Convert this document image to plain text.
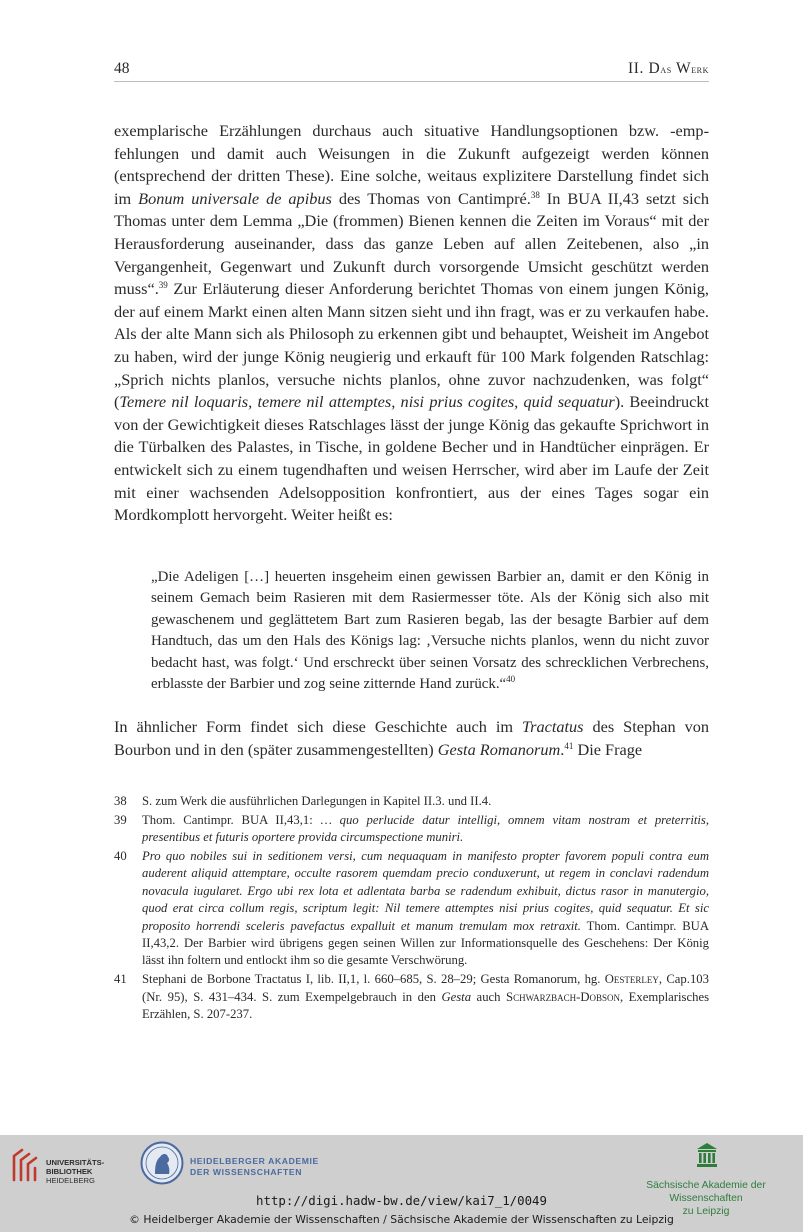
48	II. Das Werk

exemplarische Erzählungen durchaus auch situative Handlungsoptionen bzw. -emp-fehlungen und damit auch Weisungen in die Zukunft aufgezeigt werden können (entsprechend der dritten These). Eine solche, weitaus explizitere Darstellung findet sich im Bonum universale de apibus des Thomas von Cantimpré.$^{38}$ In BUA II,43 setzt sich Thomas unter dem Lemma „Die (frommen) Bienen kennen die Zeiten im Voraus“ mit der Herausforderung auseinander, dass das ganze Leben auf allen Zeitebenen, also „in Vergangenheit, Gegenwart und Zukunft durch vorsorgende Umsicht geschützt werden muss“.$^{39}$ Zur Erläuterung dieser Anforderung berichtet Thomas von einem jungen König, der auf einem Markt einen alten Mann sitzen sieht und ihn fragt, was er zu verkaufen habe. Als der alte Mann sich als Philosoph zu erkennen gibt und behauptet, Weisheit im Angebot zu haben, wird der junge König neugierig und erkauft für 100 Mark folgenden Ratschlag: „Sprich nichts planlos, versuche nichts planlos, ohne zuvor nachzudenken, was folgt“ (Temere nil loquaris, temere nil attemptes, nisi prius cogites, quid sequatur). Beeindruckt von der Gewichtigkeit dieses Ratschlages lässt der junge König das gekaufte Sprichwort in die Türbalken des Palastes, in Tische, in goldene Becher und in Handtücher einprägen. Er entwickelt sich zu einem tugendhaften und weisen Herrscher, wird aber im Laufe der Zeit mit einer wachsenden Adelsopposition konfrontiert, aus der eines Tages sogar ein Mordkomplott hervorgeht. Weiter heißt es:

„Die Adeligen […] heuerten insgeheim einen gewissen Barbier an, damit er den König in seinem Gemach beim Rasieren mit dem Rasiermesser töte. Als der König sich also mit gewaschenem und geglättetem Bart zum Rasieren begab, las der besagte Barbier auf dem Handtuch, das um den Hals des Königs lag: ‚Versuche nichts planlos, wenn du nicht zuvor bedacht hast, was folgt.‘ Und erschreckt über seinen Vorsatz des schrecklichen Verbrechens, erblasste der Barbier und zog seine zitternde Hand zurück.“$^{40}$

In ähnlicher Form findet sich diese Geschichte auch im Tractatus des Stephan von Bourbon und in den (später zusammengestellten) Gesta Romanorum.$^{41}$ Die Frage

38 S. zum Werk die ausführlichen Darlegungen in Kapitel II.3. und II.4.

39 Thom. Cantimpr. BUA II,43,1: … quo perlucide datur intelligi, omnem vitam nostram et preterritis, presentibus et futuris oportere provida circumspectione muniri.

40 Pro quo nobiles sui in seditionem versi, cum nequaquam in manifesto propter favorem populi contra eum auderent aliquid attemptare, occulte rasorem quemdam precio conduxerunt, ut regem in conclavi radendum novacula iugularet. Ergo ubi rex lota et adlentata barba se radendum exhibuit, dictus rasor in manutergio, quod erat circa collum regis, scriptum legit: Nil temere attemptes nisi prius cogites, quid sequatur. Et sic proposito horrendi sceleris pavefactus expalluit et manum tremulam mox retraxit. Thom. Cantimpr. BUA II,43,2. Der Barbier wird übrigens gegen seinen Willen zur Informationsquelle des Geschehens: Der König lässt ihn foltern und entlockt ihm so die gesamte Verschwörung.

41 Stephani de Borbone Tractatus I, lib. II,1, l. 660–685, S. 28–29; Gesta Romanorum, hg. Oesterley, Cap.103 (Nr. 95), S. 431–434. S. zum Exempelgebrauch in den Gesta auch Schwarzbach-Dobson, Exemplarisches Erzählen, S. 207-237.

UNIVERSITÄTS-
BIBLIOTHEK
HEIDELBERG
HEIDELBERGER AKADEMIE
DER WISSENSCHAFTEN
Sächsische Akademie der Wissenschaften
zu Leipzig
http://digi.hadw-bw.de/view/kai7_1/0049
© Heidelberger Akademie der Wissenschaften / Sächsische Akademie der Wissenschaften zu Leipzig
